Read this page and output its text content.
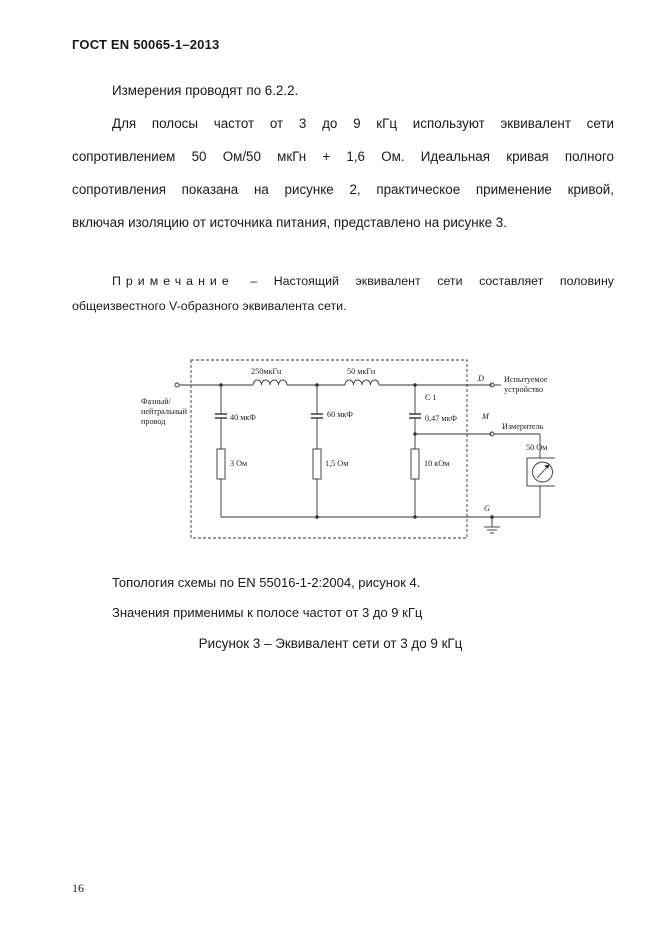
ГОСТ EN 50065-1–2013
Измерения проводят по 6.2.2.
Для полосы частот от 3 до 9 кГц используют эквивалент сети
сопротивлением 50 Ом/50 мкГн + 1,6 Ом. Идеальная кривая полного
сопротивления показана на рисунке 2, практическое применение кривой,
включая изоляцию от источника питания, представлено на рисунке 3.
Примечание – Настоящий эквивалент сети составляет половину
общеизвестного V-образного эквивалента сети.
Фазный/
нейтральный
провод
250мкГн	50 мкГн
40 мкФ	60 мкФ
C 1
0,47 мкФ
3 Ом	1,5 Ом	10 кОм
D
M
G
Испытуемое
устройство
Измеритель
50 Ом
Топология схемы по EN 55016-1-2:2004, рисунок 4.
Значения применимы к полосе частот от 3 до 9 кГц
Рисунок 3 – Эквивалент сети от 3 до 9 кГц
16
